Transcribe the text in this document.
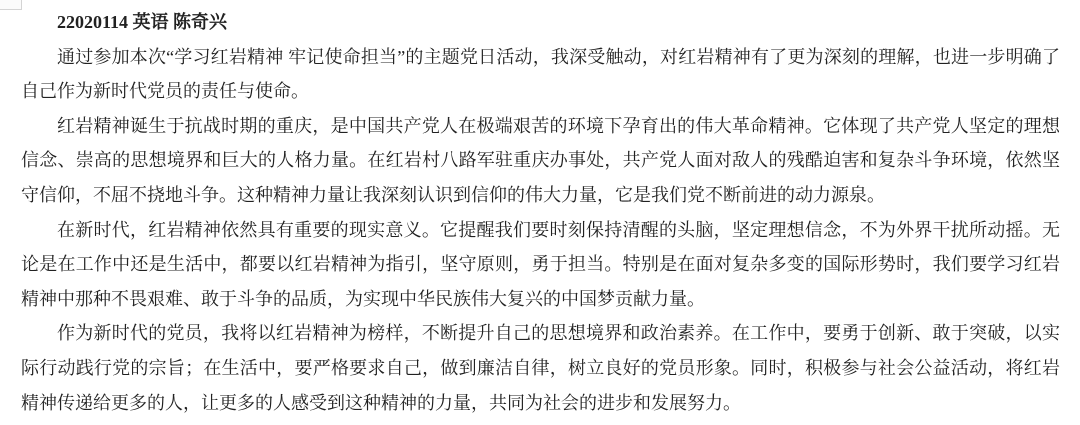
22020114 英语 陈奇兴

通过参加本次“学习红岩精神 牢记使命担当”的主题党日活动，我深受触动，对红岩精神有了更为深刻的理解，也进一步明确了自己作为新时代党员的责任与使命。

红岩精神诞生于抗战时期的重庆，是中国共产党人在极端艰苦的环境下孕育出的伟大革命精神。它体现了共产党人坚定的理想信念、崇高的思想境界和巨大的人格力量。在红岩村八路军驻重庆办事处，共产党人面对敌人的残酷迫害和复杂斗争环境，依然坚守信仰，不屈不挠地斗争。这种精神力量让我深刻认识到信仰的伟大力量，它是我们党不断前进的动力源泉。

在新时代，红岩精神依然具有重要的现实意义。它提醒我们要时刻保持清醒的头脑，坚定理想信念，不为外界干扰所动摇。无论是在工作中还是生活中，都要以红岩精神为指引，坚守原则，勇于担当。特别是在面对复杂多变的国际形势时，我们要学习红岩精神中那种不畏艰难、敢于斗争的品质，为实现中华民族伟大复兴的中国梦贡献力量。

作为新时代的党员，我将以红岩精神为榜样，不断提升自己的思想境界和政治素养。在工作中，要勇于创新、敢于突破，以实际行动践行党的宗旨；在生活中，要严格要求自己，做到廉洁自律，树立良好的党员形象。同时，积极参与社会公益活动，将红岩精神传递给更多的人，让更多的人感受到这种精神的力量，共同为社会的进步和发展努力。
